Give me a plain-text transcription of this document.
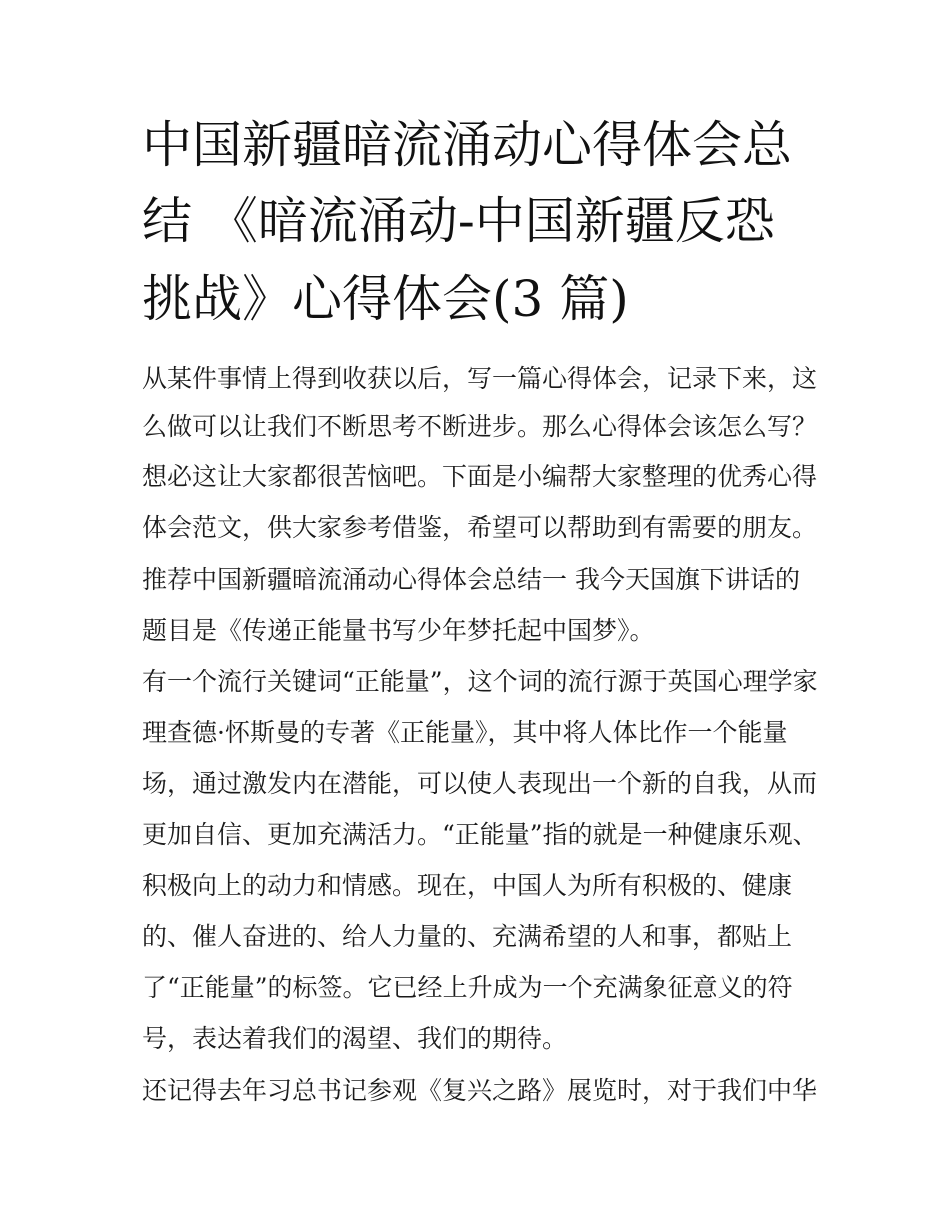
中国新疆暗流涌动心得体会总
结 《暗流涌动-中国新疆反恐
挑战》心得体会(3 篇)
从某件事情上得到收获以后，写一篇心得体会，记录下来，这
么做可以让我们不断思考不断进步。那么心得体会该怎么写？
想必这让大家都很苦恼吧。下面是小编帮大家整理的优秀心得
体会范文，供大家参考借鉴，希望可以帮助到有需要的朋友。
推荐中国新疆暗流涌动心得体会总结一 我今天国旗下讲话的
题目是《传递正能量书写少年梦托起中国梦》。
有一个流行关键词“正能量”，这个词的流行源于英国心理学家
理查德·怀斯曼的专著《正能量》，其中将人体比作一个能量
场，通过激发内在潜能，可以使人表现出一个新的自我，从而
更加自信、更加充满活力。“正能量”指的就是一种健康乐观、
积极向上的动力和情感。现在，中国人为所有积极的、健康
的、催人奋进的、给人力量的、充满希望的人和事，都贴上
了“正能量”的标签。它已经上升成为一个充满象征意义的符
号，表达着我们的渴望、我们的期待。
还记得去年习总书记参观《复兴之路》展览时，对于我们中华
